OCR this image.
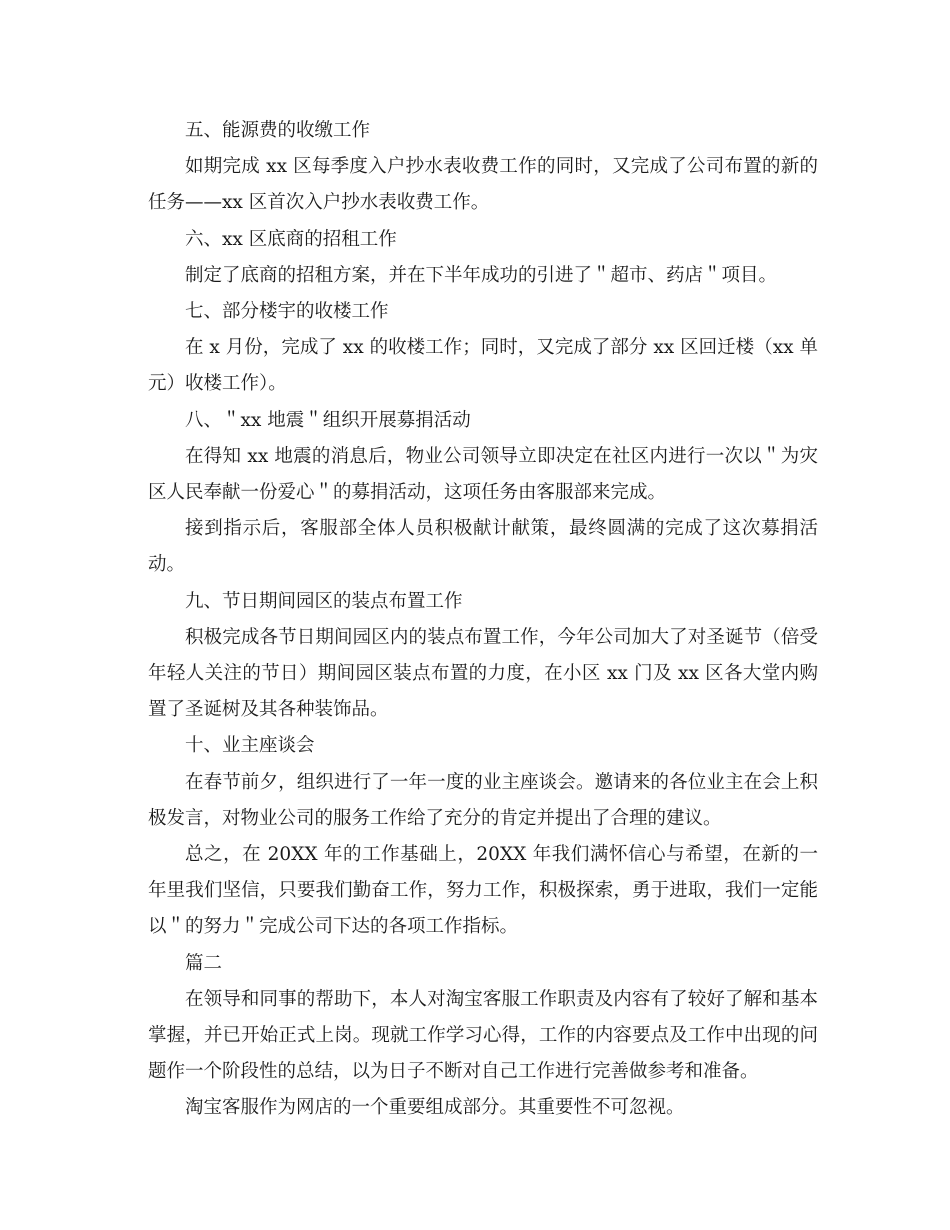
五、能源费的收缴工作

如期完成 xx 区每季度入户抄水表收费工作的同时，又完成了公司布置的新的任务——xx 区首次入户抄水表收费工作。

六、xx 区底商的招租工作

制定了底商的招租方案，并在下半年成功的引进了＂超市、药店＂项目。

七、部分楼宇的收楼工作

在 x 月份，完成了 xx 的收楼工作；同时，又完成了部分 xx 区回迁楼（xx 单元）收楼工作）。

八、＂xx 地震＂组织开展募捐活动

在得知 xx 地震的消息后，物业公司领导立即决定在社区内进行一次以＂为灾区人民奉献一份爱心＂的募捐活动，这项任务由客服部来完成。

接到指示后，客服部全体人员积极献计献策，最终圆满的完成了这次募捐活动。

九、节日期间园区的装点布置工作

积极完成各节日期间园区内的装点布置工作，今年公司加大了对圣诞节（倍受年轻人关注的节日）期间园区装点布置的力度，在小区 xx 门及 xx 区各大堂内购置了圣诞树及其各种装饰品。

十、业主座谈会

在春节前夕，组织进行了一年一度的业主座谈会。邀请来的各位业主在会上积极发言，对物业公司的服务工作给了充分的肯定并提出了合理的建议。

总之，在 20XX 年的工作基础上，20XX 年我们满怀信心与希望，在新的一年里我们坚信，只要我们勤奋工作，努力工作，积极探索，勇于进取，我们一定能以＂的努力＂完成公司下达的各项工作指标。

篇二

在领导和同事的帮助下，本人对淘宝客服工作职责及内容有了较好了解和基本掌握，并已开始正式上岗。现就工作学习心得，工作的内容要点及工作中出现的问题作一个阶段性的总结，以为日子不断对自己工作进行完善做参考和准备。

淘宝客服作为网店的一个重要组成部分。其重要性不可忽视。
